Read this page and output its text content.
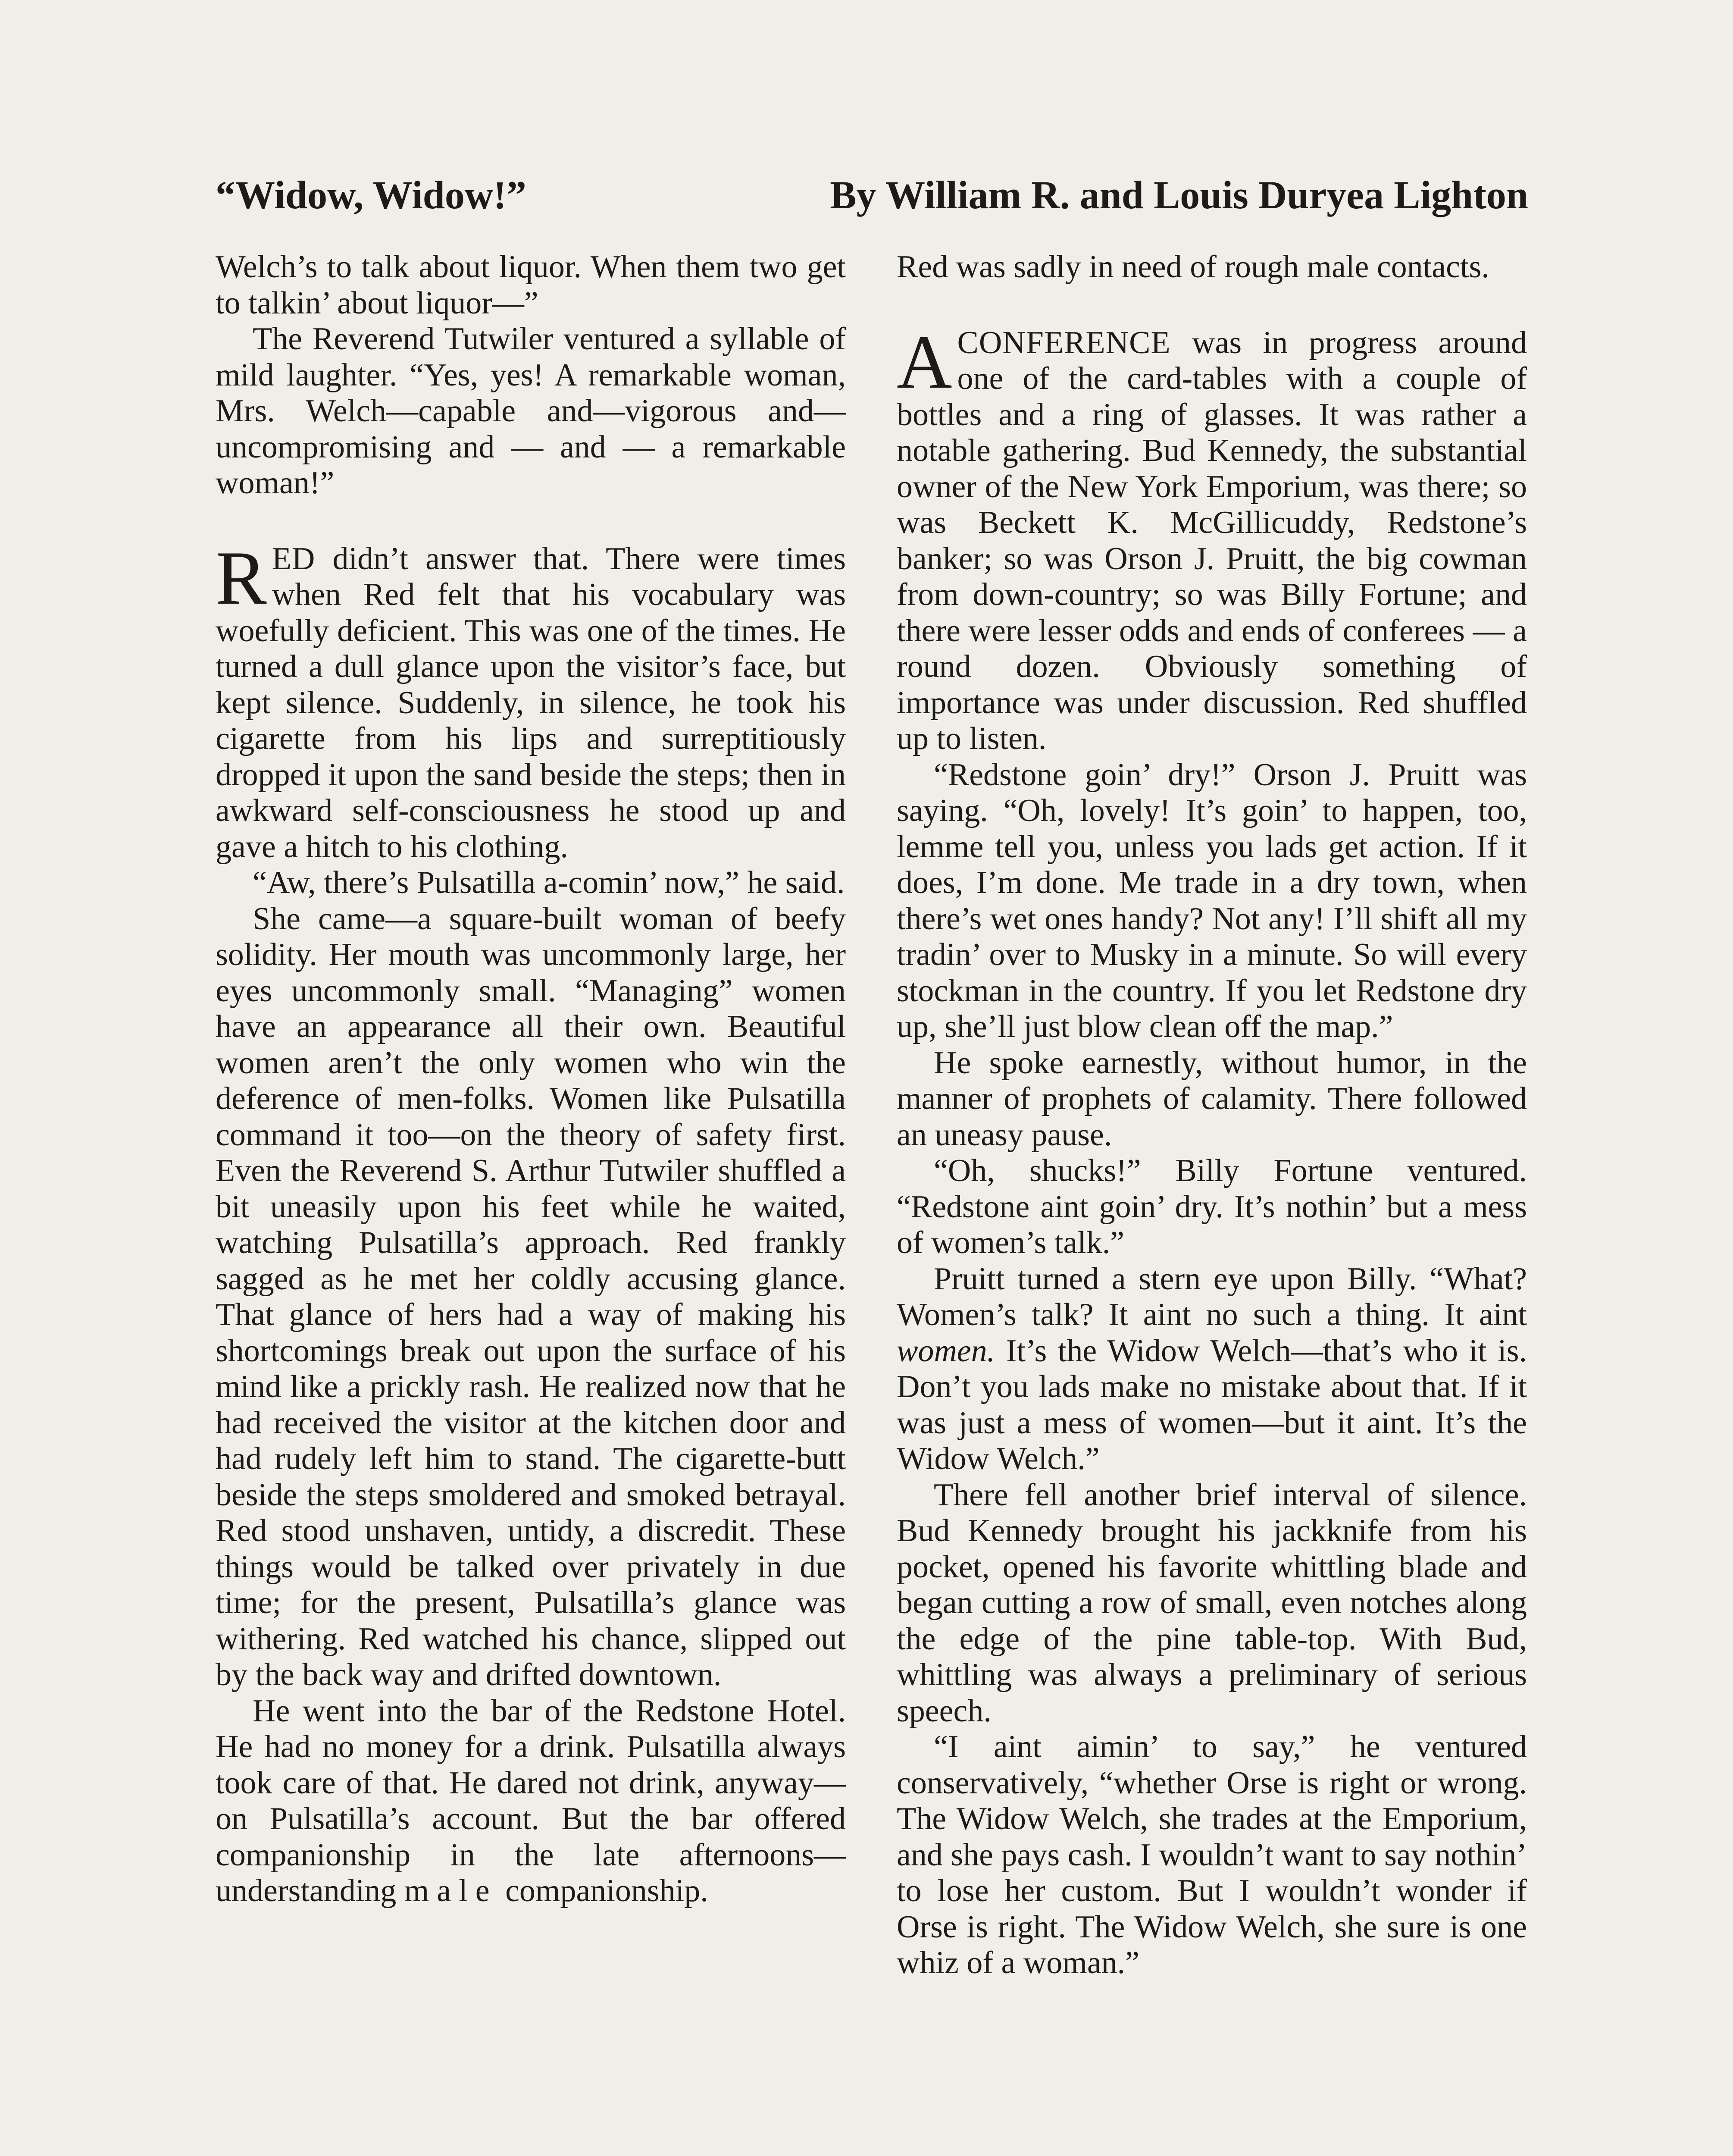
“Widow, Widow!”	By William R. and Louis Duryea Lighton

Welch’s to talk about liquor. When them two get to talkin’ about liquor—”

The Reverend Tutwiler ventured a syllable of mild laughter. “Yes, yes! A remarkable woman, Mrs. Welch—capable and—vigorous and—uncompromising and — and — a remarkable woman!”

RED didn’t answer that. There were times when Red felt that his vocabulary was woefully deficient. This was one of the times. He turned a dull glance upon the visitor’s face, but kept silence. Suddenly, in silence, he took his cigarette from his lips and surreptitiously dropped it upon the sand beside the steps; then in awkward self-consciousness he stood up and gave a hitch to his clothing.

“Aw, there’s Pulsatilla a-comin’ now,” he said.

She came—a square-built woman of beefy solidity. Her mouth was uncommonly large, her eyes uncommonly small. “Managing” women have an appearance all their own. Beautiful women aren’t the only women who win the deference of men-folks. Women like Pulsatilla command it too—on the theory of safety first. Even the Reverend S. Arthur Tutwiler shuffled a bit uneasily upon his feet while he waited, watching Pulsatilla’s approach. Red frankly sagged as he met her coldly accusing glance. That glance of hers had a way of making his shortcomings break out upon the surface of his mind like a prickly rash. He realized now that he had received the visitor at the kitchen door and had rudely left him to stand. The cigarette-butt beside the steps smoldered and smoked betrayal. Red stood unshaven, untidy, a discredit. These things would be talked over privately in due time; for the present, Pulsatilla’s glance was withering. Red watched his chance, slipped out by the back way and drifted downtown.

He went into the bar of the Redstone Hotel. He had no money for a drink. Pulsatilla always took care of that. He dared not drink, anyway—on Pulsatilla’s account. But the bar offered companionship in the late afternoons—understanding male companionship.

Red was sadly in need of rough male contacts.

ACONFERENCE was in progress around one of the card-tables with a couple of bottles and a ring of glasses. It was rather a notable gathering. Bud Kennedy, the substantial owner of the New York Emporium, was there; so was Beckett K. McGillicuddy, Redstone’s banker; so was Orson J. Pruitt, the big cowman from down-country; so was Billy Fortune; and there were lesser odds and ends of conferees — a round dozen. Obviously something of importance was under discussion. Red shuffled up to listen.

“Redstone goin’ dry!” Orson J. Pruitt was saying. “Oh, lovely! It’s goin’ to happen, too, lemme tell you, unless you lads get action. If it does, I’m done. Me trade in a dry town, when there’s wet ones handy? Not any! I’ll shift all my tradin’ over to Musky in a minute. So will every stockman in the country. If you let Redstone dry up, she’ll just blow clean off the map.”

He spoke earnestly, without humor, in the manner of prophets of calamity. There followed an uneasy pause.

“Oh, shucks!” Billy Fortune ventured. “Redstone aint goin’ dry. It’s nothin’ but a mess of women’s talk.”

Pruitt turned a stern eye upon Billy. “What? Women’s talk? It aint no such a thing. It aint women. It’s the Widow Welch—that’s who it is. Don’t you lads make no mistake about that. If it was just a mess of women—but it aint. It’s the Widow Welch.”

There fell another brief interval of silence. Bud Kennedy brought his jackknife from his pocket, opened his favorite whittling blade and began cutting a row of small, even notches along the edge of the pine table-top. With Bud, whittling was always a preliminary of serious speech.

“I aint aimin’ to say,” he ventured conservatively, “whether Orse is right or wrong. The Widow Welch, she trades at the Emporium, and she pays cash. I wouldn’t want to say nothin’ to lose her custom. But I wouldn’t wonder if Orse is right. The Widow Welch, she sure is one whiz of a woman.”
